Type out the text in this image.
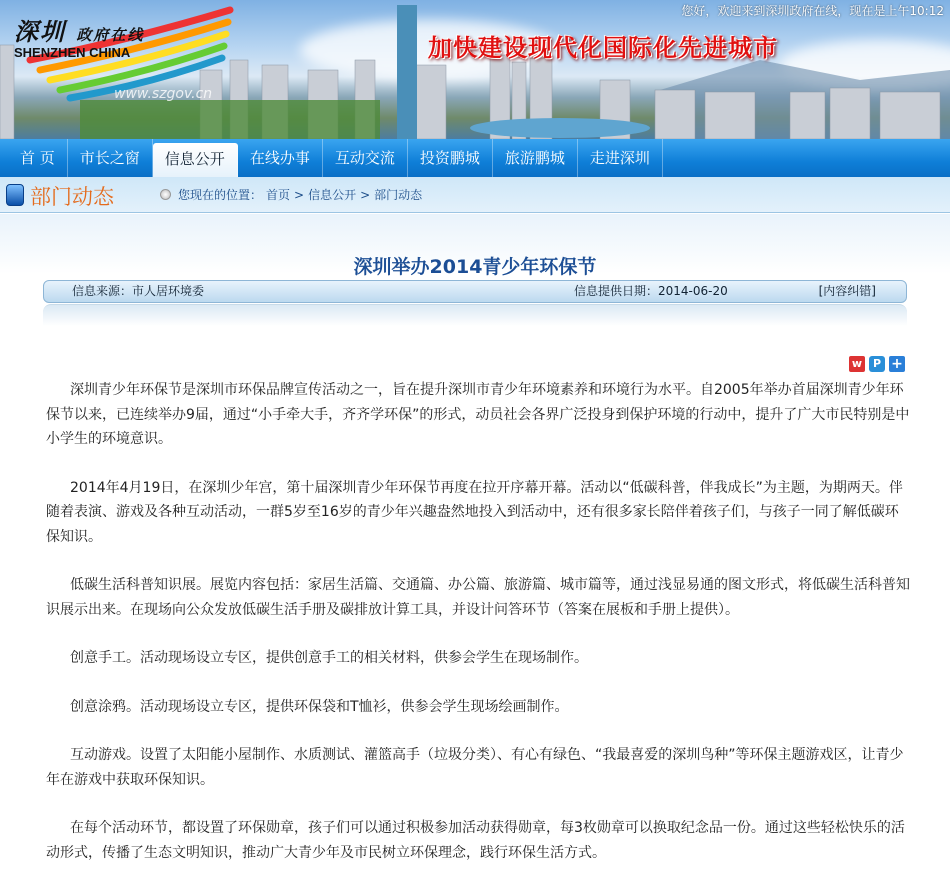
深圳 政府在线
SHENZHEN CHINA
www.szgov.cn
加快建设现代化国际化先进城市
您好，欢迎来到深圳政府在线，现在是上午10:12
首 页	市长之窗	信息公开	在线办事	互动交流	投资鹏城	旅游鹏城	走进深圳
部门动态	您现在的位置： 首页 > 信息公开 > 部门动态
深圳举办2014青少年环保节
信息来源：市人居环境委	信息提供日期：2014-06-20	[内容纠错]
w P +

深圳青少年环保节是深圳市环保品牌宣传活动之一，旨在提升深圳市青少年环境素养和环境行为水平。自2005年举办首届深圳青少年环保节以来，已连续举办9届，通过“小手牵大手，齐齐学环保”的形式，动员社会各界广泛投身到保护环境的行动中，提升了广大市民特别是中小学生的环境意识。

2014年4月19日，在深圳少年宫，第十届深圳青少年环保节再度在拉开序幕开幕。活动以“低碳科普，伴我成长”为主题，为期两天。伴随着表演、游戏及各种互动活动，一群5岁至16岁的青少年兴趣盎然地投入到活动中，还有很多家长陪伴着孩子们，与孩子一同了解低碳环保知识。

低碳生活科普知识展。展览内容包括：家居生活篇、交通篇、办公篇、旅游篇、城市篇等，通过浅显易通的图文形式，将低碳生活科普知识展示出来。在现场向公众发放低碳生活手册及碳排放计算工具，并设计问答环节（答案在展板和手册上提供）。

创意手工。活动现场设立专区，提供创意手工的相关材料，供参会学生在现场制作。

创意涂鸦。活动现场设立专区，提供环保袋和T恤衫，供参会学生现场绘画制作。

互动游戏。设置了太阳能小屋制作、水质测试、灌篮高手（垃圾分类）、有心有绿色、“我最喜爱的深圳鸟种”等环保主题游戏区，让青少年在游戏中获取环保知识。

在每个活动环节，都设置了环保勋章，孩子们可以通过积极参加活动获得勋章，每3枚勋章可以换取纪念品一份。通过这些轻松快乐的活动形式，传播了生态文明知识，推动广大青少年及市民树立环保理念，践行环保生活方式。
